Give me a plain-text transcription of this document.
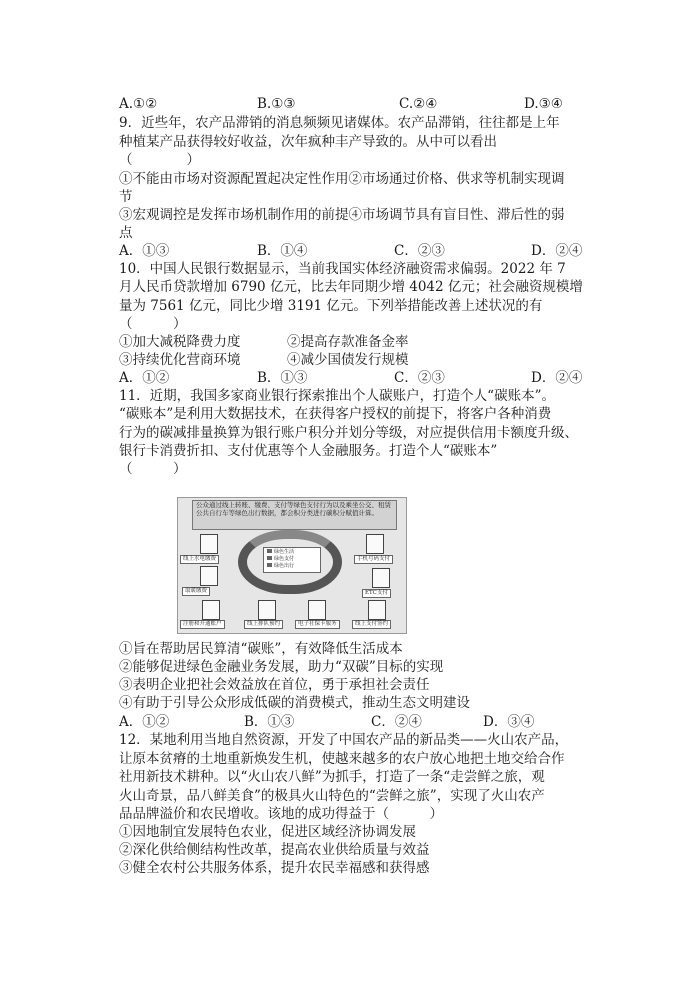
A.①②	B.①③	C.②④	D.③④
9．近些年，农产品滞销的消息频频见诸媒体。农产品滞销，往往都是上年
种植某产品获得较好收益，次年疯种丰产导致的。从中可以看出
（　　　　）
①不能由市场对资源配置起决定性作用②市场通过价格、供求等机制实现调
节
③宏观调控是发挥市场机制作用的前提④市场调节具有盲目性、滞后性的弱
点
A．①③	B．①④	C．②③	D．②④
10．中国人民银行数据显示，当前我国实体经济融资需求偏弱。2022 年 7
月人民币贷款增加 6790 亿元，比去年同期少增 4042 亿元；社会融资规模增
量为 7561 亿元，同比少增 3191 亿元。下列举措能改善上述状况的有
（　　　）
①加大减税降费力度	②提高存款准备金率
③持续优化营商环境	④减少国债发行规模
A．①②	B．①③	C．②③	D．②④
11．近期，我国多家商业银行探索推出个人碳账户，打造个人“碳账本”。
“碳账本”是利用大数据技术，在获得客户授权的前提下，将客户各种消费
行为的碳减排量换算为银行账户积分并划分等级，对应提供信用卡额度升级、
银行卡消费折扣、支付优惠等个人金融服务。打造个人“碳账本”
（　　　）
公众通过线上转账、缴费、支付等绿色支付行为以及乘坐公交、租赁公共自行车等绿色出行数据，都会积分类进行碳积分赋值计算。
绿色生活
绿色支付
绿色出行
线上水电缴费	手机号码支付
取暖缴费	ETC支付
注册和开通账户	线上排队预约	电子社保卡服务	线上支付签约
①旨在帮助居民算清“碳账”，有效降低生活成本
②能够促进绿色金融业务发展，助力“双碳”目标的实现
③表明企业把社会效益放在首位，勇于承担社会责任
④有助于引导公众形成低碳的消费模式，推动生态文明建设
A．①②	B．①③	C．②④	D．③④
12．某地利用当地自然资源，开发了中国农产品的新品类——火山农产品，
让原本贫瘠的土地重新焕发生机，使越来越多的农户放心地把土地交给合作
社用新技术耕种。以“火山农八鲜”为抓手，打造了一条“走尝鲜之旅，观
火山奇景，品八鲜美食”的极具火山特色的“尝鲜之旅”，实现了火山农产
品品牌溢价和农民增收。该地的成功得益于（　　　）
①因地制宜发展特色农业，促进区域经济协调发展
②深化供给侧结构性改革，提高农业供给质量与效益
③健全农村公共服务体系，提升农民幸福感和获得感
